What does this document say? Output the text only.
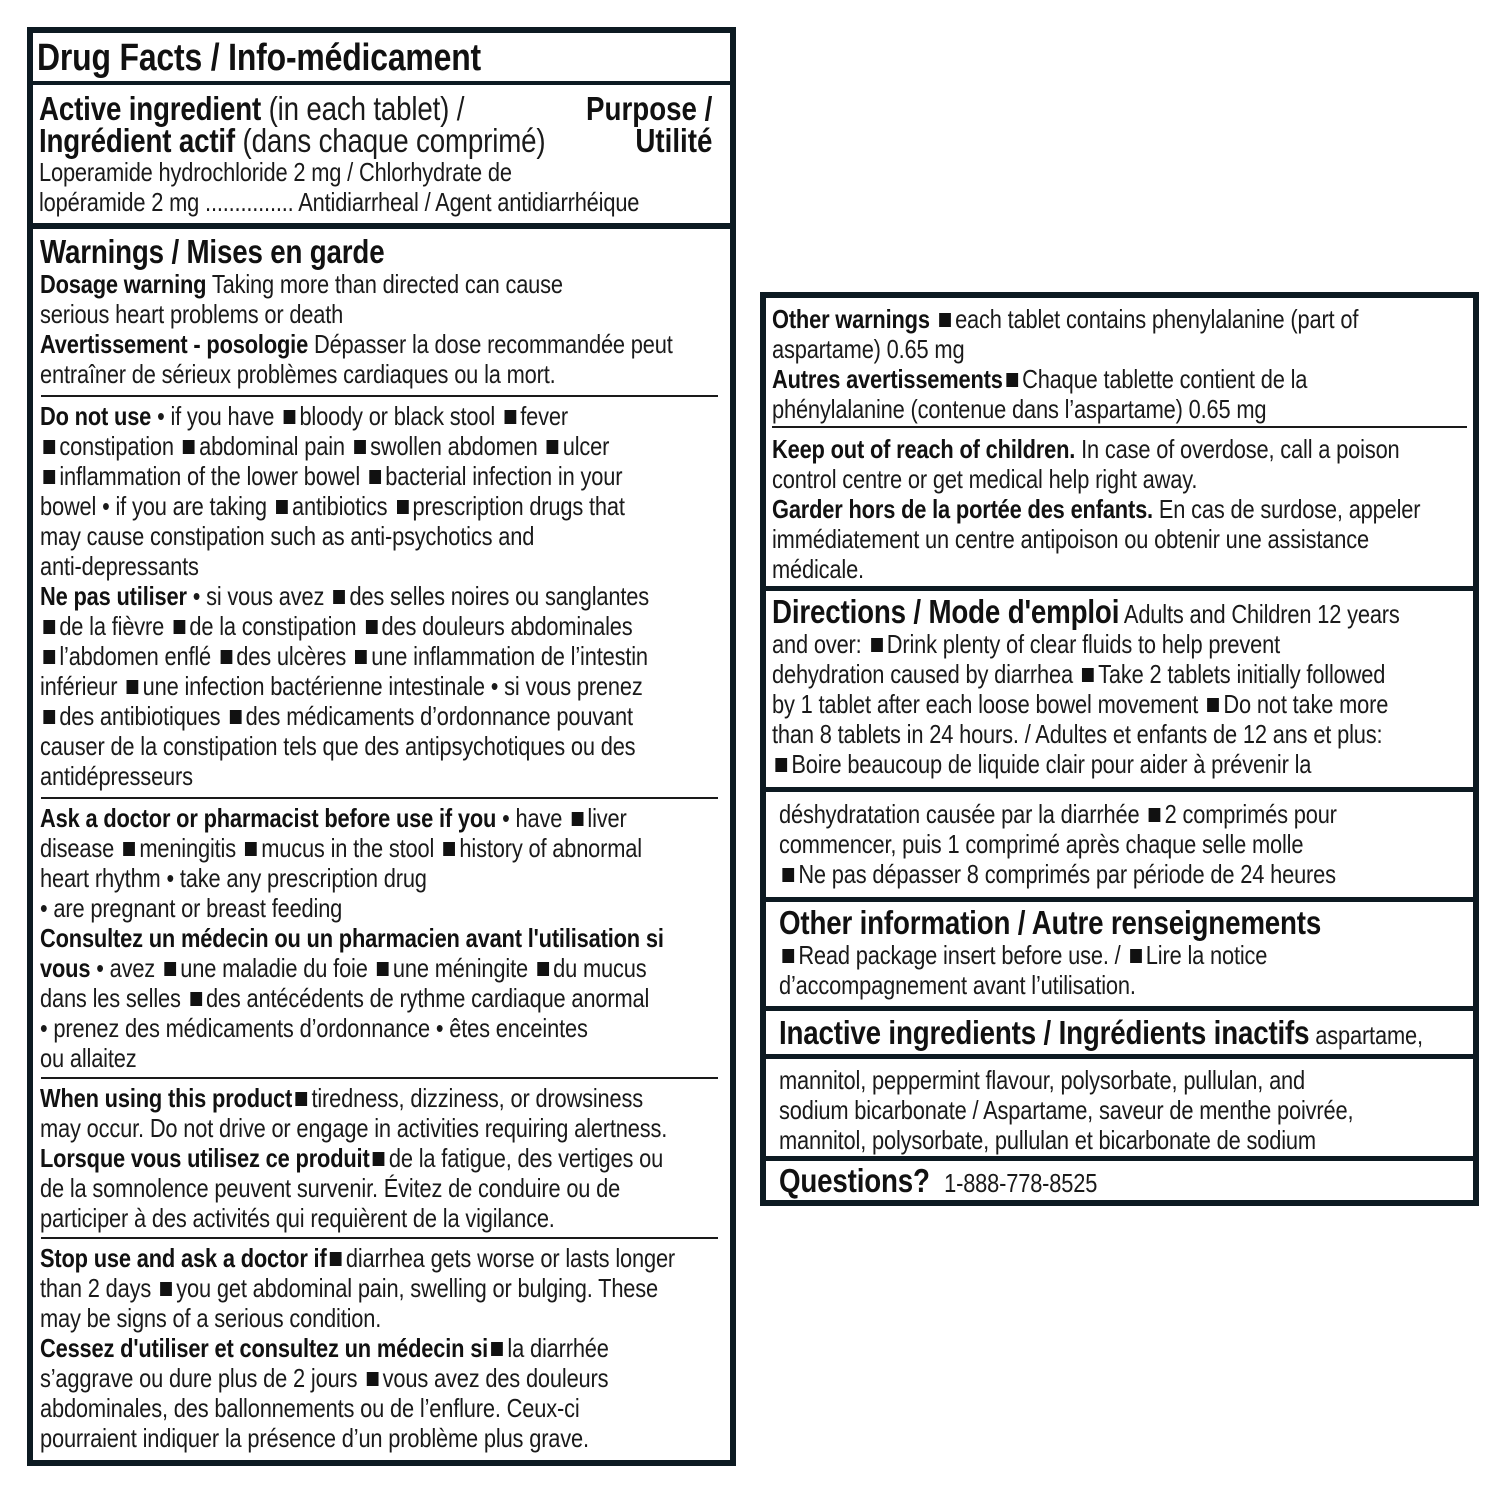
Drug Facts / Info-médicament
Active ingredient (in each tablet) /
Ingrédient actif (dans chaque comprimé)
Purpose /
Utilité
Loperamide hydrochloride 2 mg / Chlorhydrate de
lopéramide 2 mg ............... Antidiarrheal / Agent antidiarrhéique
Warnings / Mises en garde
Dosage warning Taking more than directed can cause
serious heart problems or death
Avertissement - posologie Dépasser la dose recommandée peut
entraîner de sérieux problèmes cardiaques ou la mort.
Do not use • if you have bloody or black stool fever
constipation abdominal pain swollen abdomen ulcer
inflammation of the lower bowel bacterial infection in your
bowel • if you are taking antibiotics prescription drugs that
may cause constipation such as anti-psychotics and
anti-depressants
Ne pas utiliser • si vous avez des selles noires ou sanglantes
de la fièvre de la constipation des douleurs abdominales
l’abdomen enflé des ulcères une inflammation de l’intestin
inférieur une infection bactérienne intestinale • si vous prenez
des antibiotiques des médicaments d’ordonnance pouvant
causer de la constipation tels que des antipsychotiques ou des
antidépresseurs
Ask a doctor or pharmacist before use if you • have liver
disease meningitis mucus in the stool history of abnormal
heart rhythm • take any prescription drug
• are pregnant or breast feeding
Consultez un médecin ou un pharmacien avant l'utilisation si
vous • avez une maladie du foie une méningite du mucus
dans les selles des antécédents de rythme cardiaque anormal
• prenez des médicaments d’ordonnance • êtes enceintes
ou allaitez
When using this product tiredness, dizziness, or drowsiness
may occur. Do not drive or engage in activities requiring alertness.
Lorsque vous utilisez ce produit de la fatigue, des vertiges ou
de la somnolence peuvent survenir. Évitez de conduire ou de
participer à des activités qui requièrent de la vigilance.
Stop use and ask a doctor if diarrhea gets worse or lasts longer
than 2 days you get abdominal pain, swelling or bulging. These
may be signs of a serious condition.
Cessez d'utiliser et consultez un médecin si la diarrhée
s’aggrave ou dure plus de 2 jours vous avez des douleurs
abdominales, des ballonnements ou de l’enflure. Ceux-ci
pourraient indiquer la présence d’un problème plus grave.
Other warnings each tablet contains phenylalanine (part of
aspartame) 0.65 mg
Autres avertissements Chaque tablette contient de la
phénylalanine (contenue dans l’aspartame) 0.65 mg
Keep out of reach of children. In case of overdose, call a poison
control centre or get medical help right away.
Garder hors de la portée des enfants. En cas de surdose, appeler
immédiatement un centre antipoison ou obtenir une assistance
médicale.
Directions / Mode d'emploi Adults and Children 12 years
and over: Drink plenty of clear fluids to help prevent
dehydration caused by diarrhea Take 2 tablets initially followed
by 1 tablet after each loose bowel movement Do not take more
than 8 tablets in 24 hours. / Adultes et enfants de 12 ans et plus:
Boire beaucoup de liquide clair pour aider à prévenir la
déshydratation causée par la diarrhée 2 comprimés pour
commencer, puis 1 comprimé après chaque selle molle
Ne pas dépasser 8 comprimés par période de 24 heures
Other information / Autre renseignements
Read package insert before use. / Lire la notice
d’accompagnement avant l’utilisation.
Inactive ingredients / Ingrédients inactifs aspartame,
mannitol, peppermint flavour, polysorbate, pullulan, and
sodium bicarbonate / Aspartame, saveur de menthe poivrée,
mannitol, polysorbate, pullulan et bicarbonate de sodium
Questions? 1-888-778-8525
